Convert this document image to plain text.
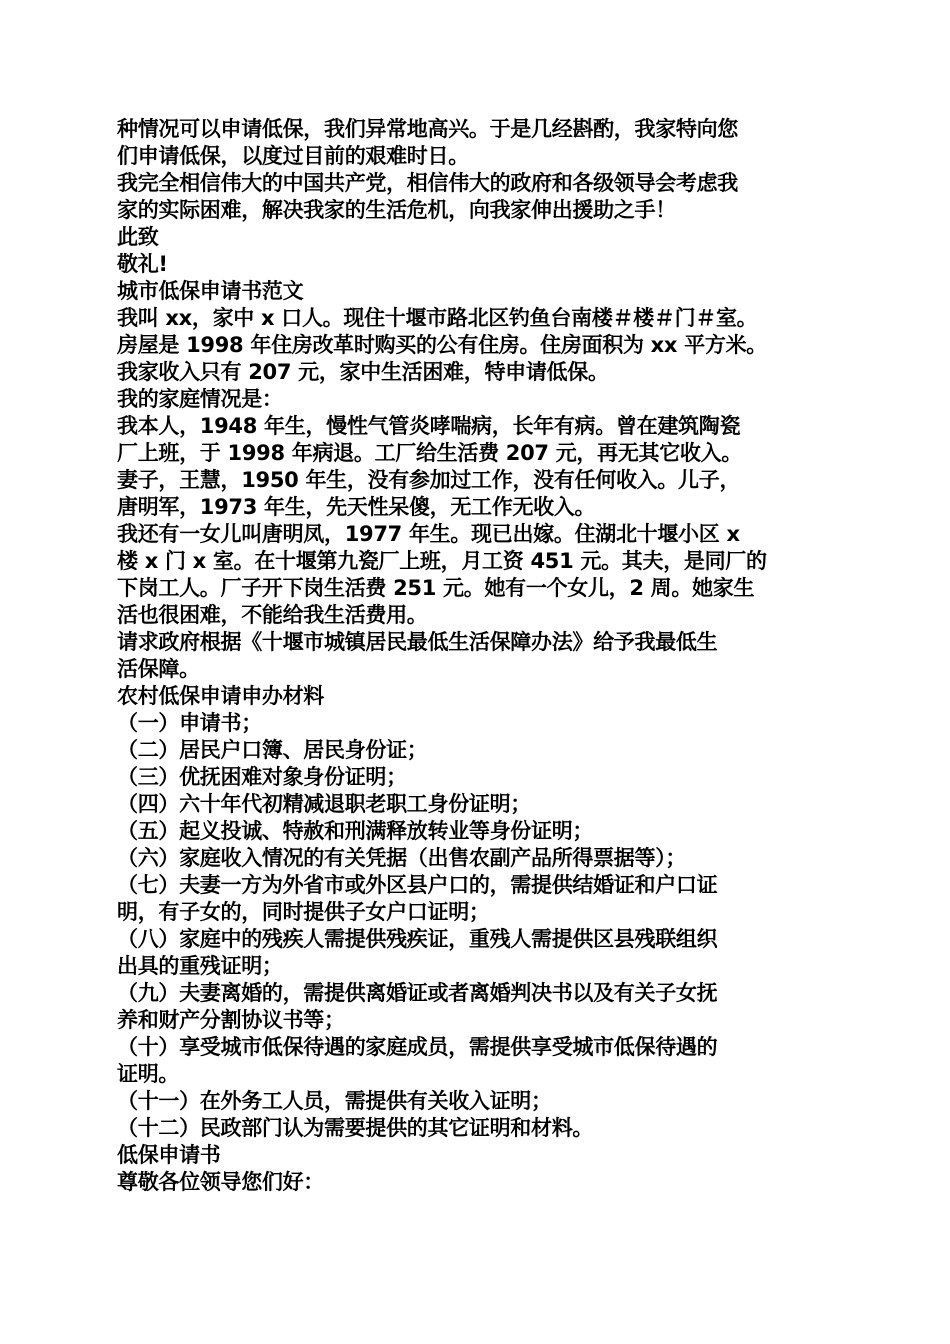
种情况可以申请低保，我们异常地高兴。于是几经斟酌，我家特向您
们申请低保，以度过目前的艰难时日。
我完全相信伟大的中国共产党，相信伟大的政府和各级领导会考虑我
家的实际困难，解决我家的生活危机，向我家伸出援助之手！
此致
敬礼!
城市低保申请书范文
我叫 xx，家中 x 口人。现住十堰市路北区钓鱼台南楼＃楼＃门＃室。
房屋是 1998 年住房改革时购买的公有住房。住房面积为 xx 平方米。
我家收入只有 207 元，家中生活困难，特申请低保。
我的家庭情况是：
我本人，1948 年生，慢性气管炎哮喘病，长年有病。曾在建筑陶瓷
厂上班，于 1998 年病退。工厂给生活费 207 元，再无其它收入。
妻子，王慧，1950 年生，没有参加过工作，没有任何收入。儿子，
唐明军，1973 年生，先天性呆傻，无工作无收入。
我还有一女儿叫唐明凤，1977 年生。现已出嫁。住湖北十堰小区 x
楼 x 门 x 室。在十堰第九瓷厂上班，月工资 451 元。其夫，是同厂的
下岗工人。厂子开下岗生活费 251 元。她有一个女儿，2 周。她家生
活也很困难，不能给我生活费用。
请求政府根据《十堰市城镇居民最低生活保障办法》给予我最低生
活保障。
农村低保申请申办材料
（一）申请书；
（二）居民户口簿、居民身份证；
（三）优抚困难对象身份证明；
（四）六十年代初精减退职老职工身份证明；
（五）起义投诚、特赦和刑满释放转业等身份证明；
（六）家庭收入情况的有关凭据（出售农副产品所得票据等）；
（七）夫妻一方为外省市或外区县户口的，需提供结婚证和户口证
明，有子女的，同时提供子女户口证明；
（八）家庭中的残疾人需提供残疾证，重残人需提供区县残联组织
出具的重残证明；
（九）夫妻离婚的，需提供离婚证或者离婚判决书以及有关子女抚
养和财产分割协议书等；
（十）享受城市低保待遇的家庭成员，需提供享受城市低保待遇的
证明。
（十一）在外务工人员，需提供有关收入证明；
（十二）民政部门认为需要提供的其它证明和材料。
低保申请书
尊敬各位领导您们好：
